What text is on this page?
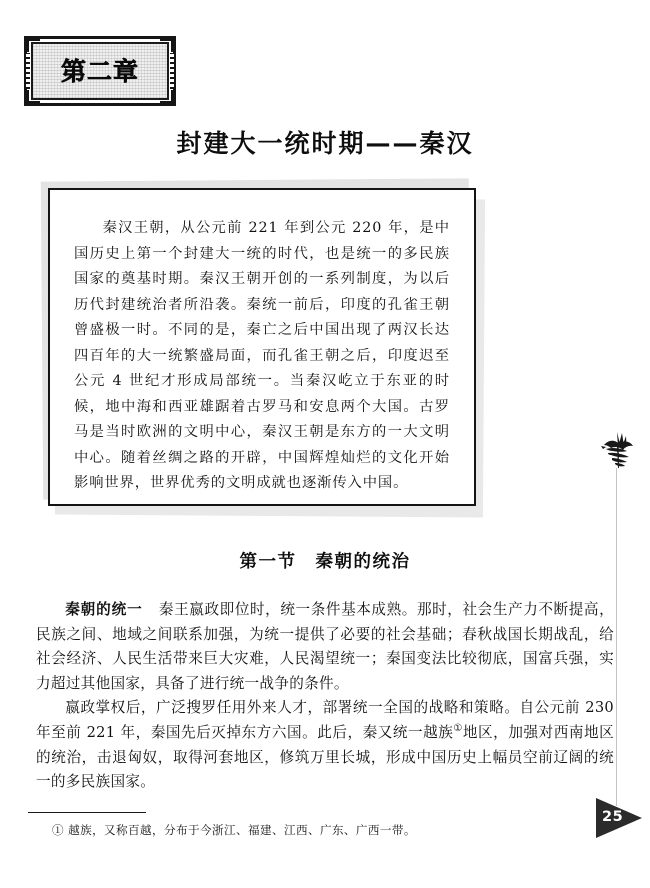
第二章
封建大一统时期——秦汉
秦汉王朝，从公元前 221 年到公元 220 年，是中国历史上第一个封建大一统的时代，也是统一的多民族国家的奠基时期。秦汉王朝开创的一系列制度，为以后历代封建统治者所沿袭。秦统一前后，印度的孔雀王朝曾盛极一时。不同的是，秦亡之后中国出现了两汉长达四百年的大一统繁盛局面，而孔雀王朝之后，印度迟至公元 4 世纪才形成局部统一。当秦汉屹立于东亚的时候，地中海和西亚雄踞着古罗马和安息两个大国。古罗马是当时欧洲的文明中心，秦汉王朝是东方的一大文明中心。随着丝绸之路的开辟，中国辉煌灿烂的文化开始影响世界，世界优秀的文明成就也逐渐传入中国。
第一节　秦朝的统治

秦朝的统一 秦王嬴政即位时，统一条件基本成熟。那时，社会生产力不断提高，民族之间、地域之间联系加强，为统一提供了必要的社会基础；春秋战国长期战乱，给社会经济、人民生活带来巨大灾难，人民渴望统一；秦国变法比较彻底，国富兵强，实力超过其他国家，具备了进行统一战争的条件。

嬴政掌权后，广泛搜罗任用外来人才，部署统一全国的战略和策略。自公元前 230 年至前 221 年，秦国先后灭掉东方六国。此后，秦又统一越族①地区，加强对西南地区的统治，击退匈奴，取得河套地区，修筑万里长城，形成中国历史上幅员空前辽阔的统一的多民族国家。

① 越族，又称百越，分布于今浙江、福建、江西、广东、广西一带。
25
